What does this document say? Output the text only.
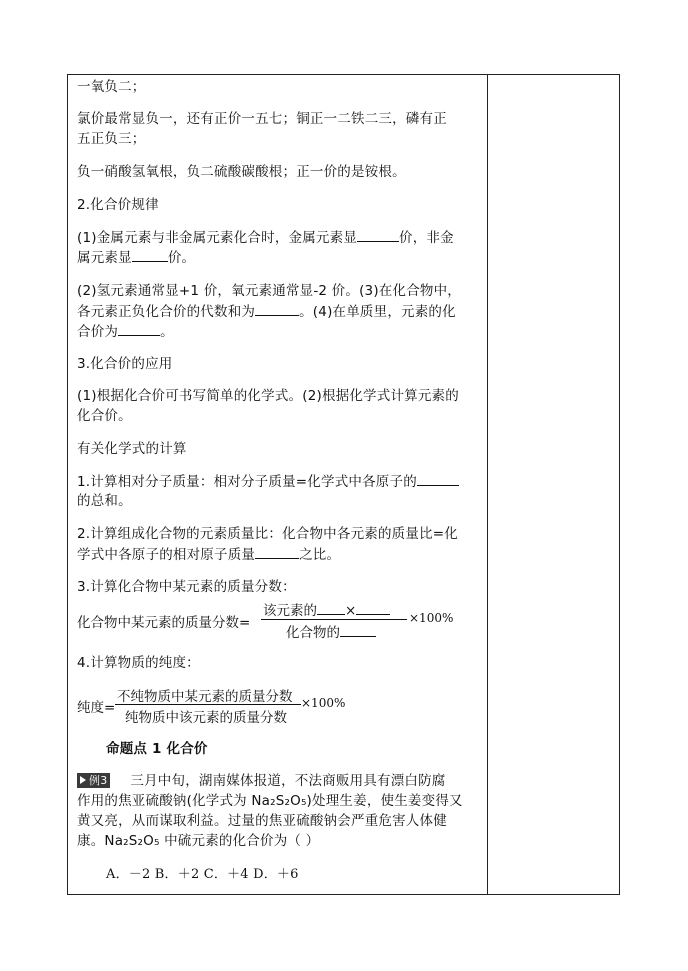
一氧负二；
氯价最常显负一，还有正价一五七；铜正一二铁二三，磷有正
五正负三；
负一硝酸氢氧根，负二硫酸碳酸根；正一价的是铵根。
2.化合价规律
(1)金属元素与非金属元素化合时，金属元素显	价，非金
属元素显	价。
(2)氢元素通常显+1 价，氧元素通常显-2 价。(3)在化合物中，
各元素正负化合价的代数和为	。(4)在单质里，元素的化
合价为	。
3.化合价的应用
(1)根据化合价可书写简单的化学式。(2)根据化学式计算元素的
化合价。
有关化学式的计算
1.计算相对分子质量：相对分子质量=化学式中各原子的
的总和。
2.计算组成化合物的元素质量比：化合物中各元素的质量比=化
学式中各原子的相对原子质量	之比。
3.计算化合物中某元素的质量分数：
化合物中某元素的质量分数=
该元素的 ×
化合物的
×100%
4.计算物质的纯度：
纯度=
不纯物质中某元素的质量分数
纯物质中该元素的质量分数
×100%
命题点 1 化合价
例3 三月中旬，湖南媒体报道，不法商贩用具有漂白防腐
作用的焦亚硫酸钠(化学式为 Na₂S₂O₅)处理生姜，使生姜变得又
黄又亮，从而谋取利益。过量的焦亚硫酸钠会严重危害人体健
康。Na₂S₂O₅ 中硫元素的化合价为（ ）
A．－2 B．＋2 C．＋4 D．＋6
